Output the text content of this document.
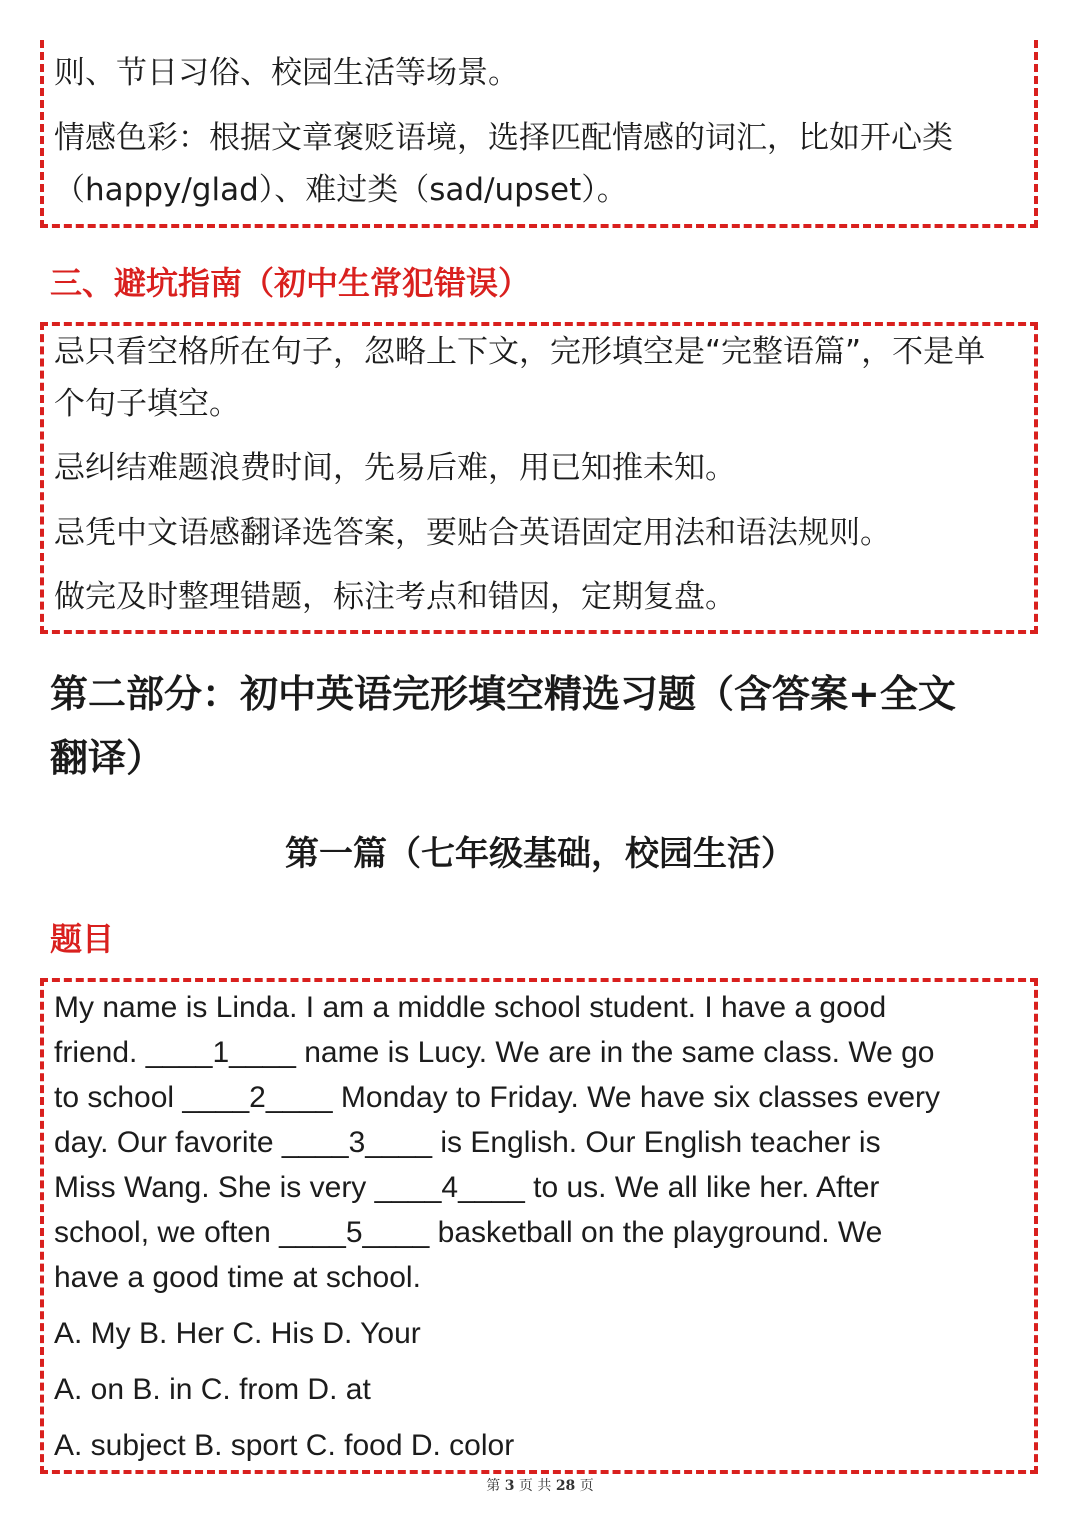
则、节日习俗、校园生活等场景。
情感色彩：根据文章褒贬语境，选择匹配情感的词汇，比如开心类
（happy/glad）、难过类（sad/upset）。
三、避坑指南（初中生常犯错误）
忌只看空格所在句子，忽略上下文，完形填空是“完整语篇”，不是单
个句子填空。
忌纠结难题浪费时间，先易后难，用已知推未知。
忌凭中文语感翻译选答案，要贴合英语固定用法和语法规则。
做完及时整理错题，标注考点和错因，定期复盘。
第二部分：初中英语完形填空精选习题（含答案+全文
翻译）
第一篇（七年级基础，校园生活）
题目
My name is Linda. I am a middle school student. I have a good
friend. ____1____ name is Lucy. We are in the same class. We go
to school ____2____ Monday to Friday. We have six classes every
day. Our favorite ____3____ is English. Our English teacher is
Miss Wang. She is very ____4____ to us. We all like her. After
school, we often ____5____ basketball on the playground. We
have a good time at school.
A. My B. Her C. His D. Your
A. on B. in C. from D. at
A. subject B. sport C. food D. color
第 3 页 共 28 页
